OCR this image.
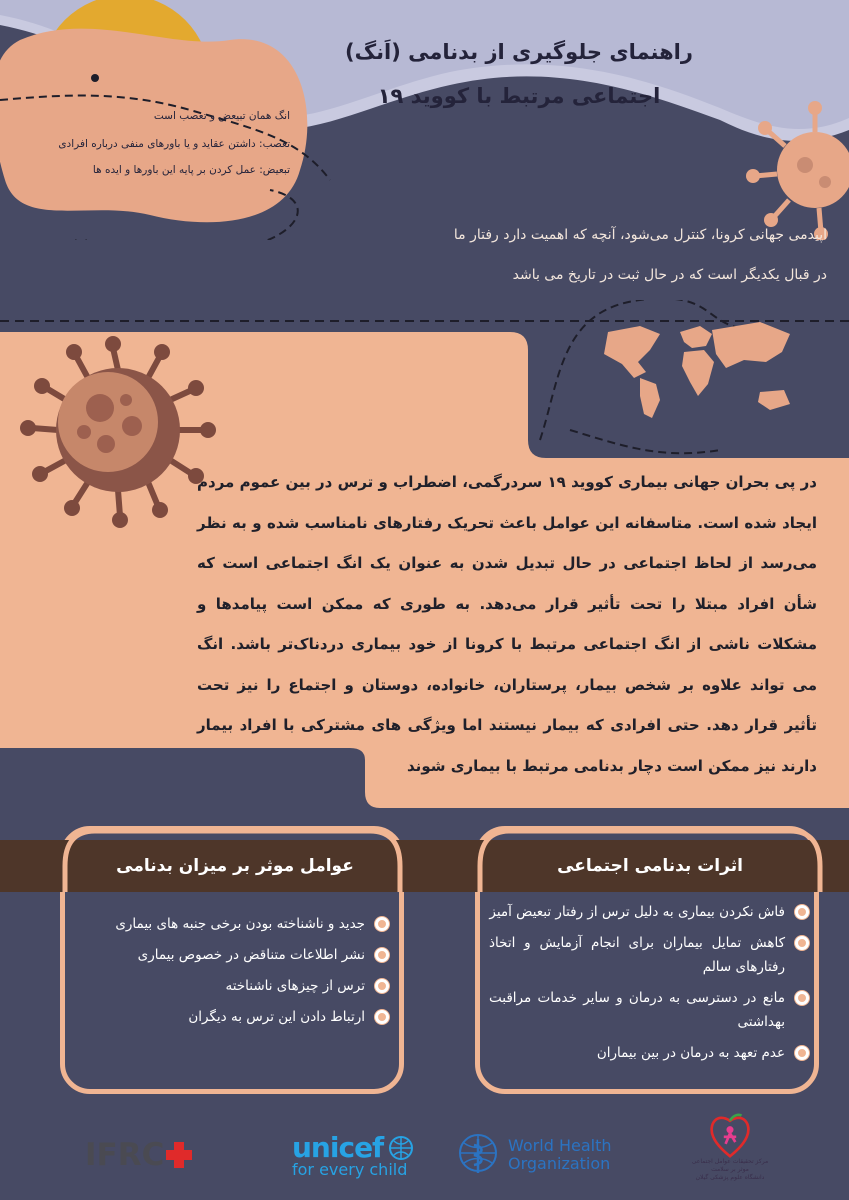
راهنمای جلوگیری از بدنامی (اَنگ)
اجتماعی مرتبط با کووید ۱۹
انگ همان تبیعض و تعصب است
تعصب: داشتن عقاید و یا باورهای منفی درباره افرادی
تبعیض: عمل کردن بر پایه این باورها و ایده ها
اپیدمی جهانی کرونا، کنترل می‌شود، آنچه که اهمیت دارد رفتار ما
در قبال یکدیگر است که در حال ثبت در تاریخ می باشد
در پی بحران جهانی بیماری کووید ۱۹ سردرگمی، اضطراب و ترس در بین عموم مردم ایجاد شده است. متاسفانه این عوامل باعث تحریک رفتارهای نامناسب شده و به نظر می‌رسد از لحاظ اجتماعی در حال تبدیل شدن به عنوان یک انگ اجتماعی است که شأن افراد مبتلا را تحت تأثیر قرار می‌دهد. به طوری که ممکن است پیامدها و مشکلات ناشی از انگ اجتماعی مرتبط با کرونا از خود بیماری دردناک‌تر باشد. انگ می تواند علاوه بر شخص بیمار، پرستاران، خانواده، دوستان و اجتماع را نیز تحت تأثیر قرار دهد. حتی افرادی که بیمار نیستند اما ویژگی های مشترکی با افراد بیمار دارند نیز ممکن است دچار بدنامی مرتبط با بیماری شوند
اثرات بدنامی اجتماعی
عوامل موثر بر میزان بدنامی
فاش نکردن بیماری به دلیل ترس از رفتار تبعیض آمیز
کاهش تمایل بیماران برای انجام آزمایش و اتخاذ رفتارهای سالم
مانع در دسترسی به درمان و سایر خدمات مراقبت بهداشتی
عدم تعهد به درمان در بین بیماران
جدید و ناشناخته بودن برخی جنبه های بیماری
نشر اطلاعات متناقض در خصوص بیماری
ترس از چیزهای ناشناخته
ارتباط دادن این ترس به دیگران
IFRC	unicef
for every child
World Health
Organization	مرکز تحقیقات عوامل اجتماعی موثر بر سلامت
دانشگاه علوم پزشکی گیلان
